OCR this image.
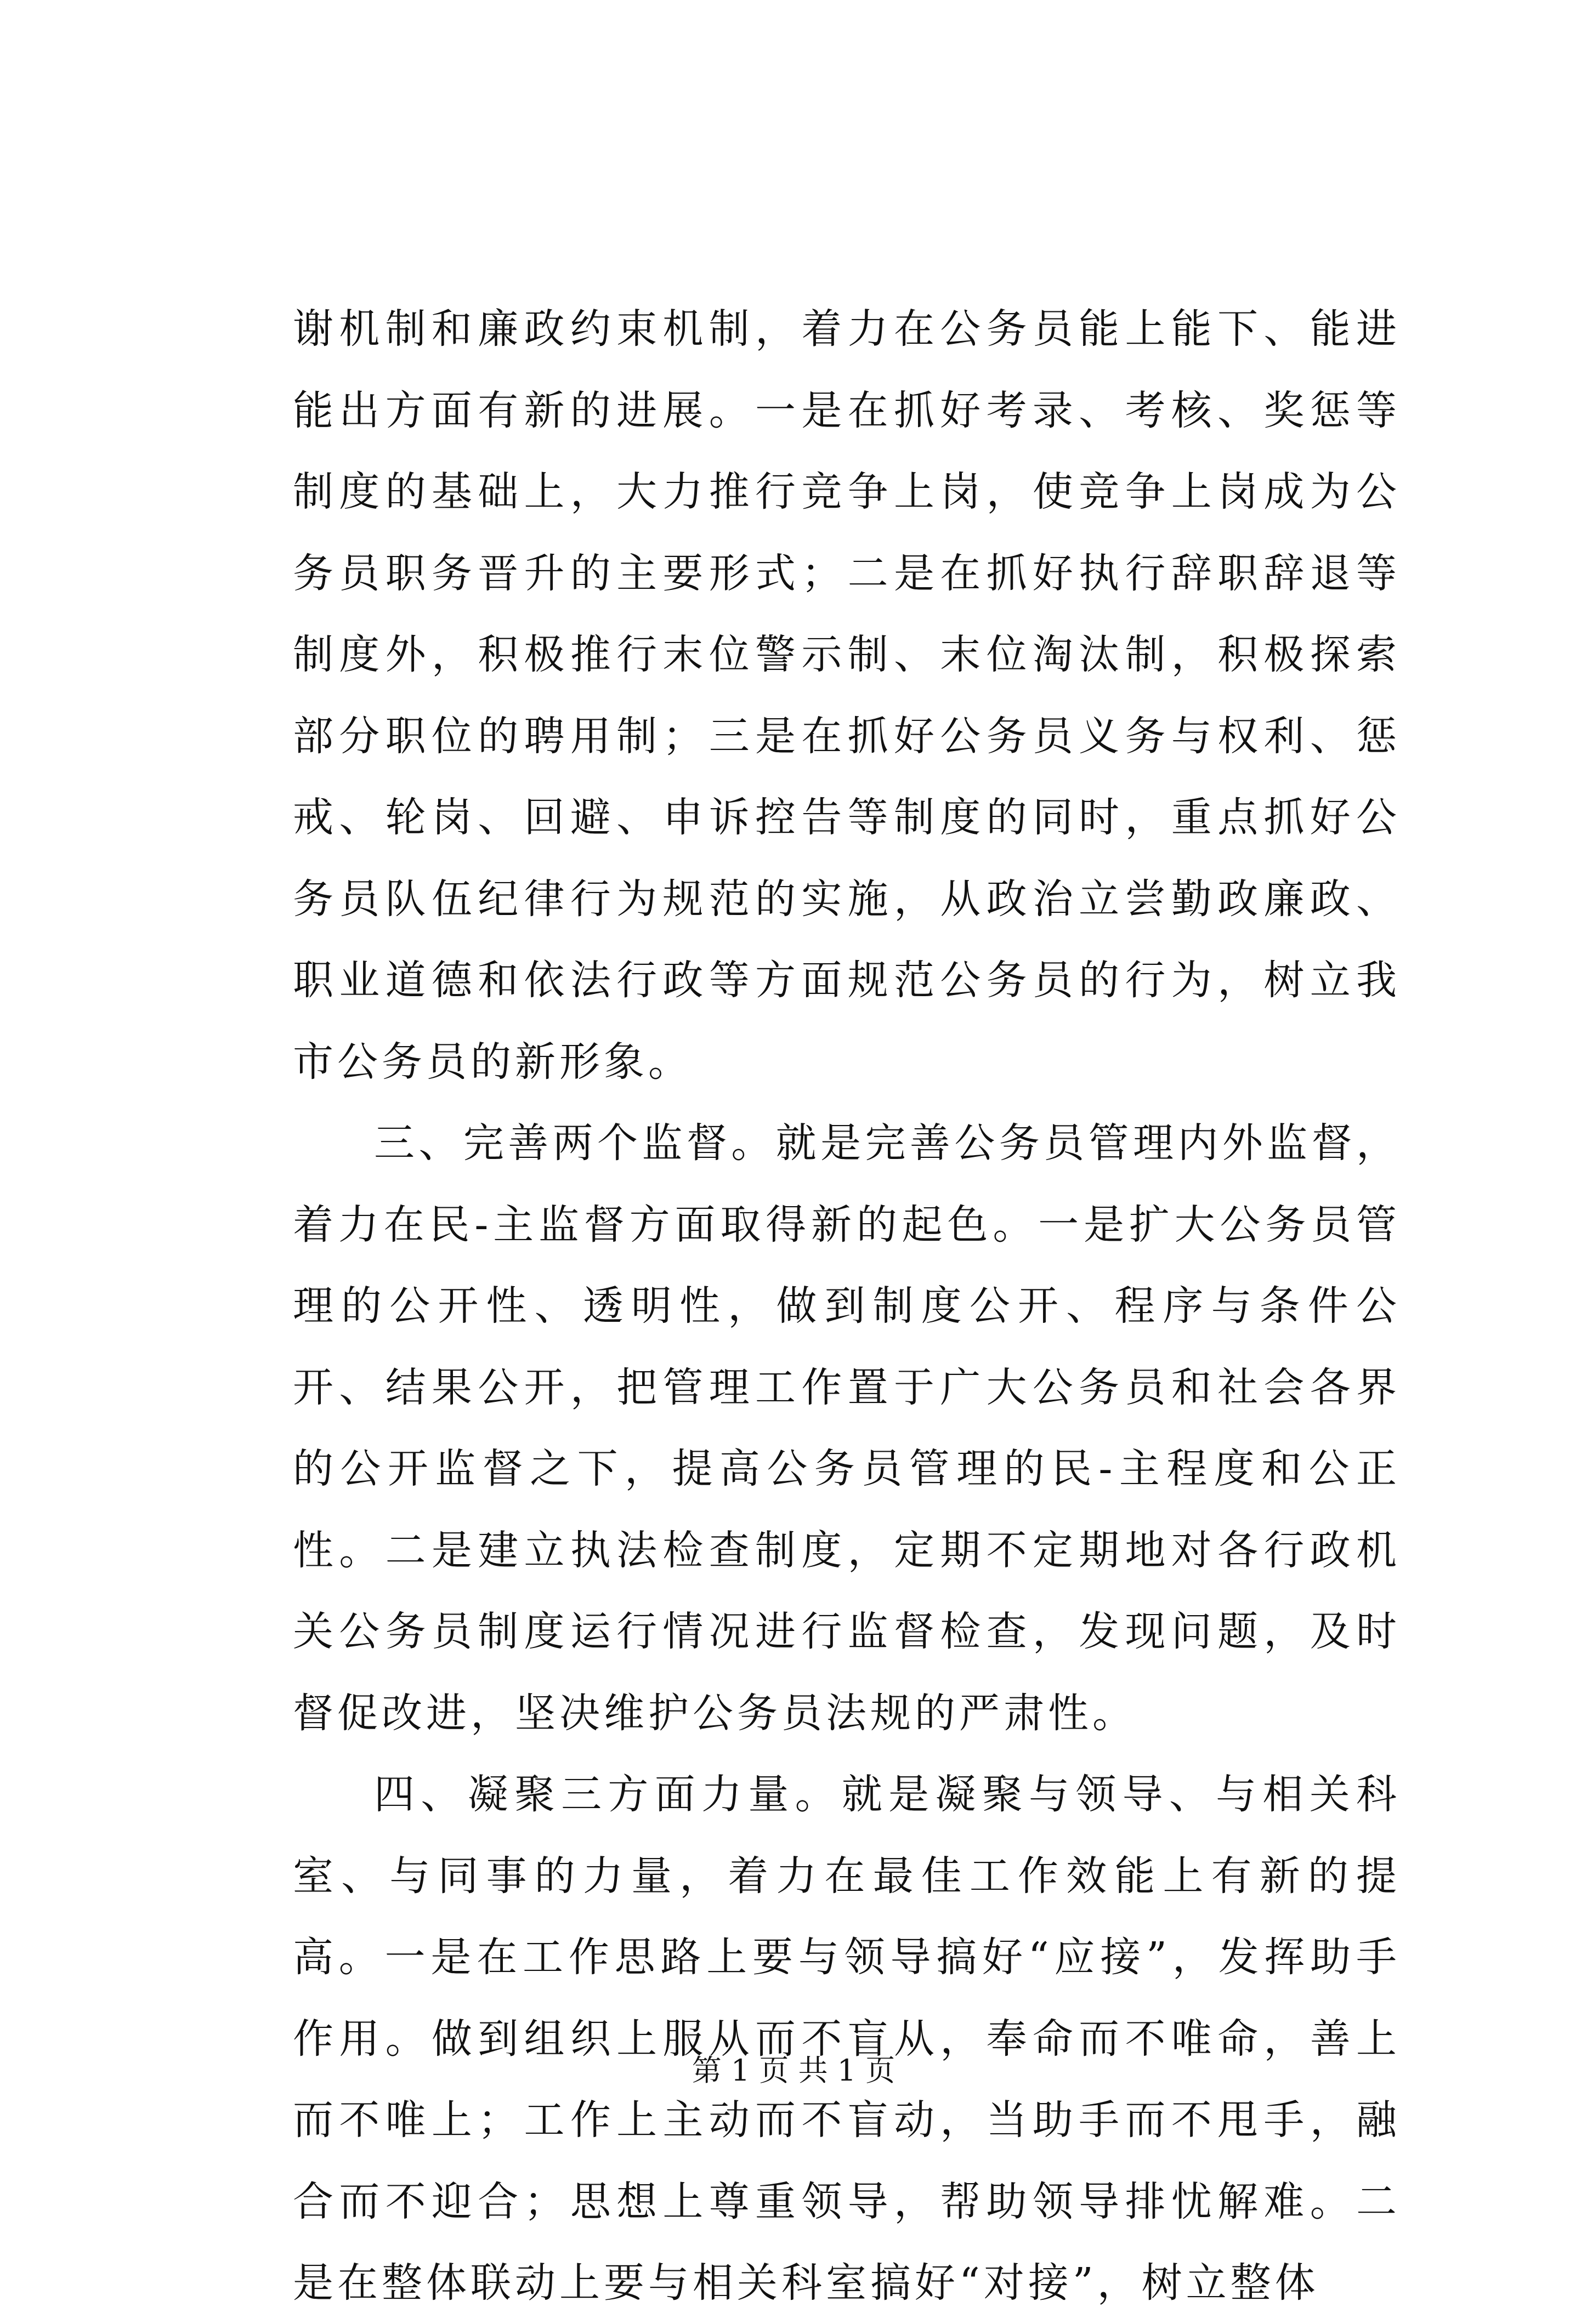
谢机制和廉政约束机制，着力在公务员能上能下、能进能出方面有新的进展。一是在抓好考录、考核、奖惩等制度的基础上，大力推行竞争上岗，使竞争上岗成为公务员职务晋升的主要形式；二是在抓好执行辞职辞退等制度外，积极推行末位警示制、末位淘汰制，积极探索部分职位的聘用制；三是在抓好公务员义务与权利、惩戒、轮岗、回避、申诉控告等制度的同时，重点抓好公务员队伍纪律行为规范的实施，从政治立尝勤政廉政、职业道德和依法行政等方面规范公务员的行为，树立我市公务员的新形象。

三、完善两个监督。就是完善公务员管理内外监督，着力在民-主监督方面取得新的起色。一是扩大公务员管理的公开性、透明性，做到制度公开、程序与条件公开、结果公开，把管理工作置于广大公务员和社会各界的公开监督之下，提高公务员管理的民-主程度和公正性。二是建立执法检查制度，定期不定期地对各行政机关公务员制度运行情况进行监督检查，发现问题，及时督促改进，坚决维护公务员法规的严肃性。

四、凝聚三方面力量。就是凝聚与领导、与相关科室、与同事的力量，着力在最佳工作效能上有新的提高。一是在工作思路上要与领导搞好“应接”，发挥助手作用。做到组织上服从而不盲从，奉命而不唯命，善上而不唯上；工作上主动而不盲动，当助手而不甩手，融合而不迎合；思想上尊重领导，帮助领导排忧解难。二是在整体联动上要与相关科室搞好“对接”，树立整体

第 1 页 共 1 页
